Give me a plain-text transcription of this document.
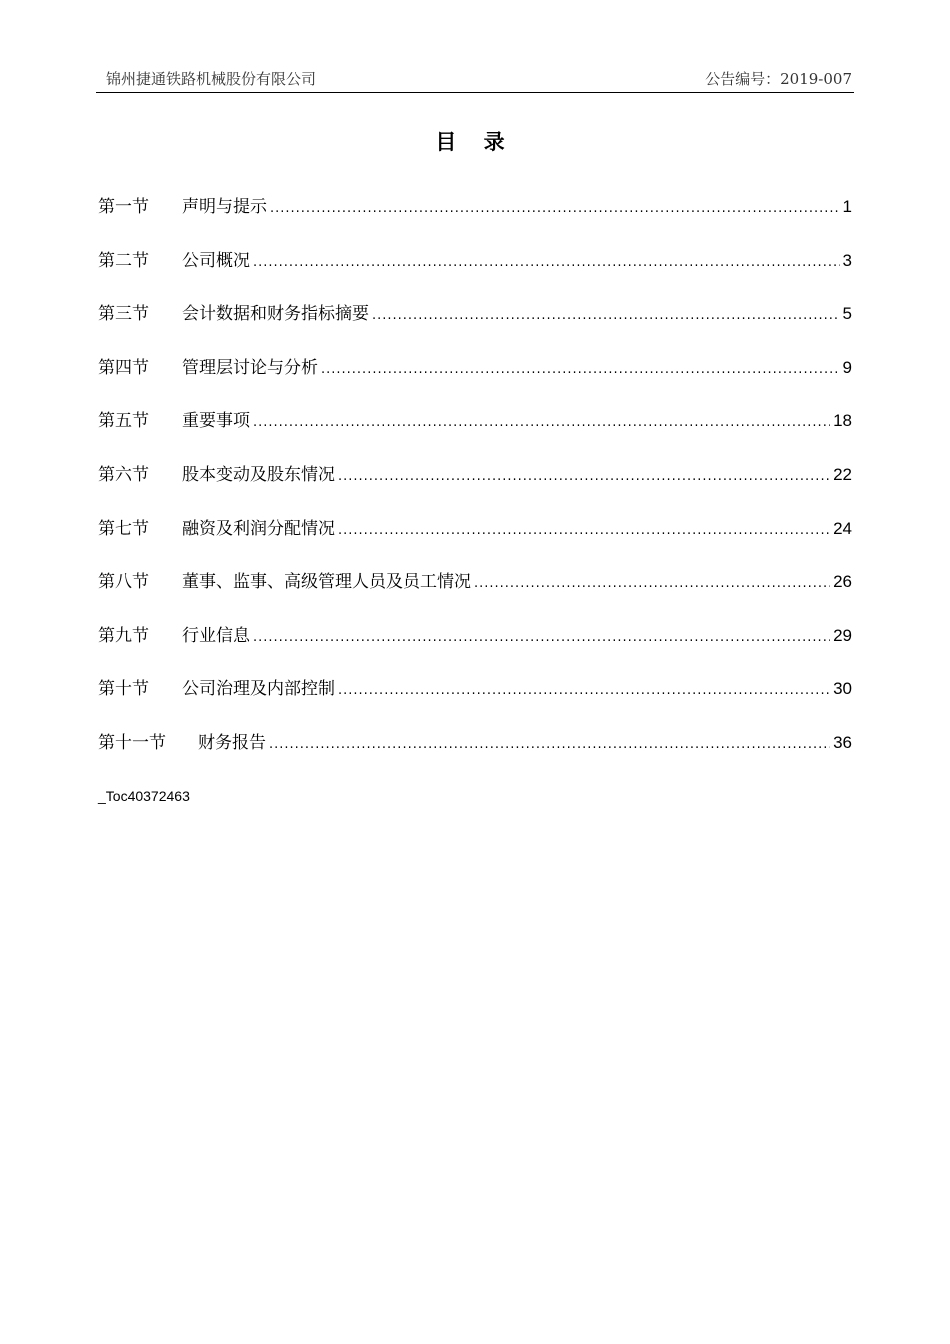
锦州捷通铁路机械股份有限公司	公告编号：2019-007
目 录
第一节	声明与提示 .....	1
第二节	公司概况 .....	3
第三节	会计数据和财务指标摘要 .....	5
第四节	管理层讨论与分析 .....	9
第五节	重要事项 .....	18
第六节	股本变动及股东情况 .....	22
第七节	融资及利润分配情况 .....	24
第八节	董事、监事、高级管理人员及员工情况 .....	26
第九节	行业信息 .....	29
第十节	公司治理及内部控制 .....	30
第十一节	财务报告 .....	36
_Toc40372463
